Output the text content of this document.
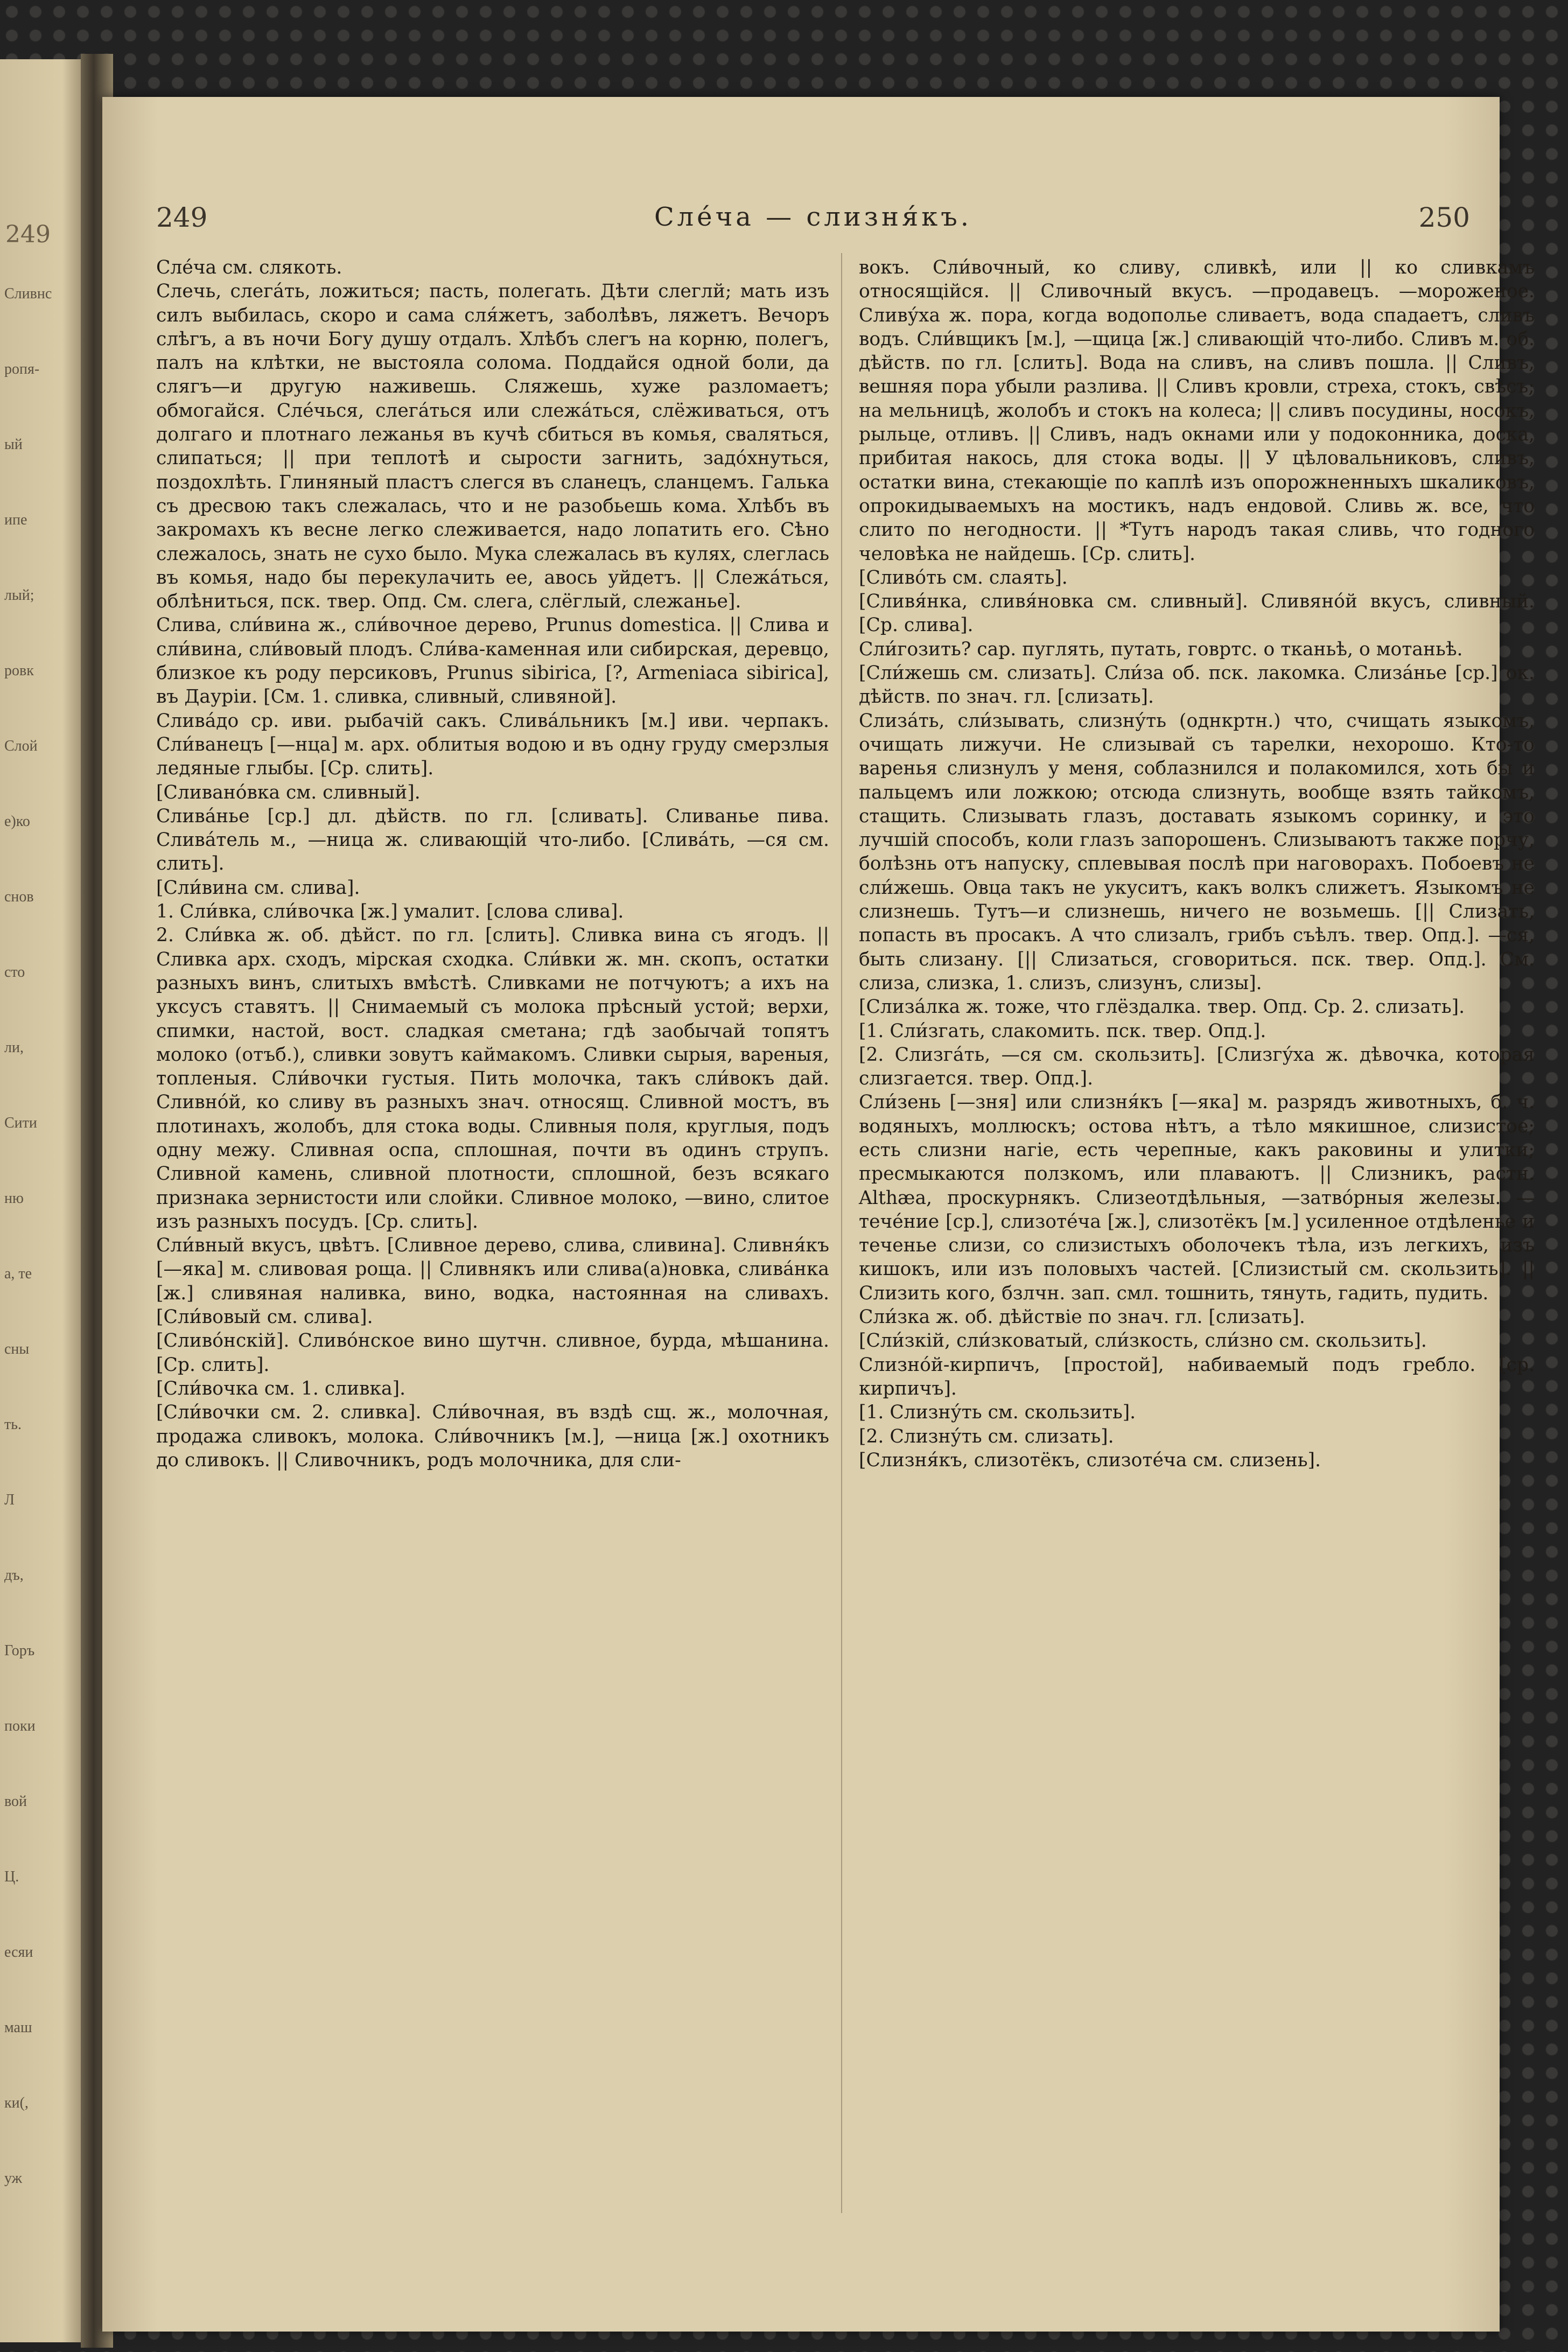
249
Сливнс
ропя-
ый
ипе
лый;
ровк
Слой
е)ко
снов
сто
ли,
Сити
ню
а, те
сны
ть.
Л
дъ,
Горъ
поки
вой
Ц.
есяи
маш
ки(,
уж
249	Сле́ча — слизня́къ.	250

Сле́ча см. слякоть.

Слечь, слега́ть, ложиться; пасть, полегать. Дѣти слеглй; мать изъ силъ выбилась, скоро и сама сля́жетъ, заболѣвъ, ляжетъ. Вечоръ слѣгъ, а въ ночи Богу душу отдалъ. Хлѣбъ слегъ на корню, полегъ, палъ на клѣтки, не выстояла солома. Поддайся одной боли, да слягъ—и другую наживешь. Сляжешь, хуже разломаетъ; обмогайся. Сле́чься, слега́ться или слежа́ться, слёживаться, отъ долгаго и плотнаго лежанья въ кучѣ сбиться въ комья, сваляться, слипаться; || при теплотѣ и сырости загнить, задо́хнуться, поздохлѣть. Глиняный пластъ слегся въ сланецъ, сланцемъ. Галька съ дресвою такъ слежалась, что и не разобьешь кома. Хлѣбъ въ закромахъ къ весне легко слеживается, надо лопатить его. Сѣно слежалось, знать не сухо было. Мука слежалась въ кулях, слеглась въ комья, надо бы перекулачить ее, авось уйдетъ. || Слежа́ться, облѣниться, пск. твер. Опд. См. слега, слёглый, слежанье].

Слива, сли́вина ж., сли́вочное дерево, Prunus domestica. || Слива и сли́вина, сли́вовый плодъ. Сли́ва-каменная или сибирская, деревцо, близкое къ роду персиковъ, Prunus sibirica, [?, Armeniaca sibirica], въ Дауріи. [См. 1. сливка, сливный, сливяной].

Слива́до ср. иви. рыбачій сакъ. Слива́льникъ [м.] иви. черпакъ. Сли́ванецъ [—нца] м. арх. облитыя водою и въ одну груду смерзлыя ледяные глыбы. [Ср. слить].

[Сливано́вка см. сливный].

Слива́нье [ср.] дл. дѣйств. по гл. [сливать]. Сливанье пива. Слива́тель м., —ница ж. сливающій что-либо. [Слива́ть, —ся см. слить].

[Сли́вина см. слива].

1. Сли́вка, сли́вочка [ж.] умалит. [слова слива].

2. Сли́вка ж. об. дѣйст. по гл. [слить]. Сливка вина съ ягодъ. || Сливка арх. сходъ, мірская сходка. Сли́вки ж. мн. скопъ, остатки разныхъ винъ, слитыхъ вмѣстѣ. Сливками не потчуютъ; а ихъ на уксусъ ставятъ. || Снимаемый съ молока прѣсный устой; верхи, спимки, настой, вост. сладкая сметана; гдѣ заобычай топятъ молоко (отъб.), сливки зовутъ каймакомъ. Сливки сырыя, вареныя, топленыя. Сли́вочки густыя. Пить молочка, такъ сли́вокъ дай. Сливно́й, ко сливу въ разныхъ знач. относящ. Сливной мостъ, въ плотинахъ, жолобъ, для стока воды. Сливныя поля, круглыя, подъ одну межу. Сливная оспа, сплошная, почти въ одинъ струпъ. Сливной камень, сливной плотности, сплошной, безъ всякаго признака зернистости или слойки. Сливное молоко, —вино, слитое изъ разныхъ посудъ. [Ср. слить].

Сли́вный вкусъ, цвѣтъ. [Сливное дерево, слива, сливина]. Сливня́къ [—яка] м. сливовая роща. || Сливнякъ или слива(а)новка, слива́нка [ж.] сливяная наливка, вино, водка, настоянная на сливахъ. [Сли́вовый см. слива].

[Сливо́нскій]. Сливо́нское вино шутчн. сливное, бурда, мѣшанина. [Ср. слить].

[Сли́вочка см. 1. сливка].

[Сли́вочки см. 2. сливка]. Сли́вочная, въ вздѣ сщ. ж., молочная, продажа сливокъ, молока. Сли́вочникъ [м.], —ница [ж.] охотникъ до сливокъ. || Сливочникъ, родъ молочника, для сли-

вокъ. Сли́вочный, ко сливу, сливкѣ, или || ко сливкамъ относящійся. || Сливочный вкусъ. —продавецъ. —мороженое. Сливу́ха ж. пора, когда водополье сливаетъ, вода спадаетъ, сливъ водъ. Сли́вщикъ [м.], —щица [ж.] сливающій что-либо. Сливъ м. об. дѣйств. по гл. [слить]. Вода на сливъ, на сливъ пошла. || Сливъ, вешняя пора убыли разлива. || Сливъ кровли, стреха, стокъ, свѣсъ; на мельницѣ, жолобъ и стокъ на колеса; || сливъ посудины, носокъ, рыльце, отливъ. || Сливъ, надъ окнами или у подоконника, доска, прибитая накось, для стока воды. || У цѣловальниковъ, сливъ, остатки вина, стекающіе по каплѣ изъ опорожненныхъ шкаликовъ, опрокидываемыхъ на мостикъ, надъ ендовой. Сливь ж. все, что слито по негодности. || *Тутъ народъ такая сливь, что годного человѣка не найдешь. [Ср. слить].

[Сливо́ть см. слаять].

[Сливя́нка, сливя́новка см. сливный]. Сливяно́й вкусъ, сливный. [Ср. слива].

Сли́гозить? сар. пуглять, путать, говртс. о тканьѣ, о мотаньѣ.

[Сли́жешь см. слизать]. Сли́за об. пск. лакомка. Слиза́нье [ср.] ок. дѣйств. по знач. гл. [слизать].

Слиза́ть, сли́зывать, слизну́ть (однкртн.) что, счищать языкомъ, очищать лижучи. Не слизывай съ тарелки, нехорошо. Кто-то варенья слизнулъ у меня, соблазнился и полакомился, хоть бы и пальцемъ или ложкою; отсюда слизнуть, вообще взять тайкомъ, стащить. Слизывать глазъ, доставать языкомъ соринку, и это лучшій способъ, коли глазъ запорошенъ. Слизываютъ также порчу, болѣзнь отъ напуску, сплевывая послѣ при наговорахъ. Побоевъ не сли́жешь. Овца такъ не укуситъ, какъ волкъ слижетъ. Языкомъ не слизнешь. Тутъ—и слизнешь, ничего не возьмешь. [|| Слизать, попасть въ просакъ. А что слизалъ, грибъ съѣлъ. твер. Опд.]. —ся, быть слизану. [|| Слизаться, сговориться. пск. твер. Опд.]. См. слиза, слизка, 1. слизъ, слизунъ, слизы].

[Слиза́лка ж. тоже, что глёздалка. твер. Опд. Ср. 2. слизать].

[1. Сли́згать, слакомить. пск. твер. Опд.].

[2. Слизга́ть, —ся см. скользить]. [Слизгу́ха ж. дѣвочка, которая слизгается. твер. Опд.].

Сли́зень [—зня] или слизня́къ [—яка] м. разрядъ животныхъ, б. ч. водяныхъ, моллюскъ; остова нѣтъ, а тѣло мякишное, слизистое; есть слизни нагіе, есть черепные, какъ раковины и улитки; пресмыкаются ползкомъ, или плаваютъ. || Слизникъ, растн. Althæa, проскурнякъ. Слизеотдѣльныя, —затво́рныя железы. —тече́ние [ср.], слизоте́ча [ж.], слизотёкъ [м.] усиленное отдѣленье и теченье слизи, со слизистыхъ оболочекъ тѣла, изъ легкихъ, изъ кишокъ, или изъ половыхъ частей. [Слизистый см. скользить]. || Слизить кого, бзлчн. зап. смл. тошнить, тянуть, гадить, пудить.

Сли́зка ж. об. дѣйствіе по знач. гл. [слизать].

[Сли́зкій, сли́зковатый, сли́зкость, сли́зно см. скользить].

Слизно́й-кирпичъ, [простой], набиваемый подъ гребло. [ср. кирпичъ].

[1. Слизну́ть см. скользить].

[2. Слизну́ть см. слизать].

[Слизня́къ, слизотёкъ, слизоте́ча см. слизень].
